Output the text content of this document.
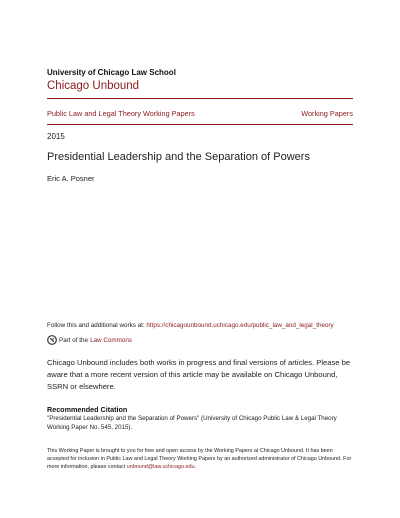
University of Chicago Law School
Chicago Unbound
Public Law and Legal Theory Working Papers	Working Papers
2015
Presidential Leadership and the Separation of Powers
Eric A. Posner
Follow this and additional works at: https://chicagounbound.uchicago.edu/public_law_and_legal_theory
Part of the Law Commons
Chicago Unbound includes both works in progress and final versions of articles. Please be aware that a more recent version of this article may be available on Chicago Unbound, SSRN or elsewhere.
Recommended Citation
"Presidential Leadership and the Separation of Powers" (University of Chicago Public Law & Legal Theory Working Paper No. 545, 2015).
This Working Paper is brought to you for free and open access by the Working Papers at Chicago Unbound. It has been accepted for inclusion in Public Law and Legal Theory Working Papers by an authorized administrator of Chicago Unbound. For more information, please contact unbound@law.uchicago.edu.
